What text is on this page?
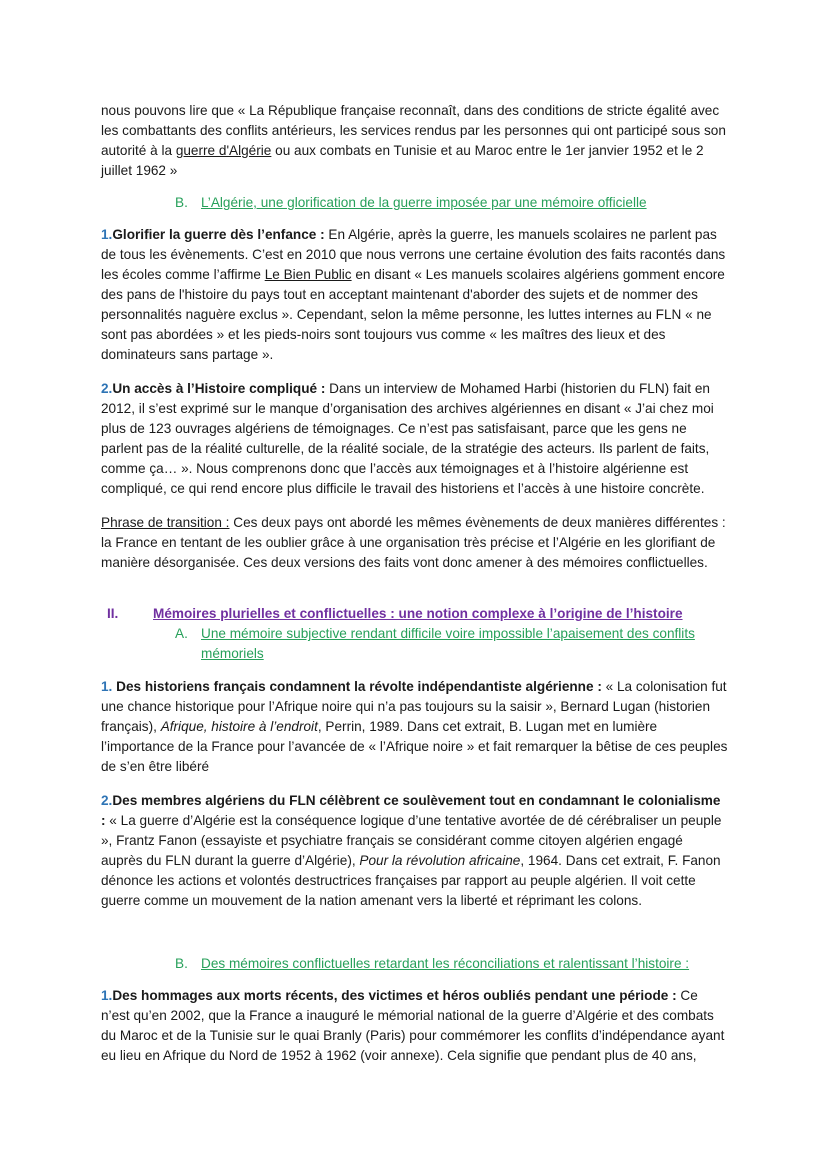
nous pouvons lire que « La République française reconnaît, dans des conditions de stricte égalité avec les combattants des conflits antérieurs, les services rendus par les personnes qui ont participé sous son autorité à la guerre d'Algérie ou aux combats en Tunisie et au Maroc entre le 1er janvier 1952 et le 2 juillet 1962 »
B. L’Algérie, une glorification de la guerre imposée par une mémoire officielle
1.Glorifier la guerre dès l’enfance : En Algérie, après la guerre, les manuels scolaires ne parlent pas de tous les évènements. C’est en 2010 que nous verrons une certaine évolution des faits racontés dans les écoles comme l’affirme Le Bien Public en disant « Les manuels scolaires algériens gomment encore des pans de l'histoire du pays tout en acceptant maintenant d'aborder des sujets et de nommer des personnalités naguère exclus ». Cependant, selon la même personne, les luttes internes au FLN « ne sont pas abordées » et les pieds-noirs sont toujours vus comme « les maîtres des lieux et des dominateurs sans partage ».
2.Un accès à l’Histoire compliqué : Dans un interview de Mohamed Harbi (historien du FLN) fait en 2012, il s’est exprimé sur le manque d’organisation des archives algériennes en disant « J’ai chez moi plus de 123 ouvrages algériens de témoignages. Ce n’est pas satisfaisant, parce que les gens ne parlent pas de la réalité culturelle, de la réalité sociale, de la stratégie des acteurs. Ils parlent de faits, comme ça… ». Nous comprenons donc que l’accès aux témoignages et à l’histoire algérienne est compliqué, ce qui rend encore plus difficile le travail des historiens et l’accès à une histoire concrète.
Phrase de transition : Ces deux pays ont abordé les mêmes évènements de deux manières différentes : la France en tentant de les oublier grâce à une organisation très précise et l’Algérie en les glorifiant de manière désorganisée. Ces deux versions des faits vont donc amener à des mémoires conflictuelles.
II.	Mémoires plurielles et conflictuelles : une notion complexe à l’origine de l’histoire
A. Une mémoire subjective rendant difficile voire impossible l’apaisement des conflits mémoriels
1. Des historiens français condamnent la révolte indépendantiste algérienne : « La colonisation fut une chance historique pour l’Afrique noire qui n’a pas toujours su la saisir », Bernard Lugan (historien français), Afrique, histoire à l’endroit, Perrin, 1989. Dans cet extrait, B. Lugan met en lumière l’importance de la France pour l’avancée de « l’Afrique noire » et fait remarquer la bêtise de ces peuples de s’en être libéré
2.Des membres algériens du FLN célèbrent ce soulèvement tout en condamnant le colonialisme : « La guerre d’Algérie est la conséquence logique d’une tentative avortée de dé cérébraliser un peuple », Frantz Fanon (essayiste et psychiatre français se considérant comme citoyen algérien engagé auprès du FLN durant la guerre d’Algérie), Pour la révolution africaine, 1964. Dans cet extrait, F. Fanon dénonce les actions et volontés destructrices françaises par rapport au peuple algérien. Il voit cette guerre comme un mouvement de la nation amenant vers la liberté et réprimant les colons.
B. Des mémoires conflictuelles retardant les réconciliations et ralentissant l’histoire :
1.Des hommages aux morts récents, des victimes et héros oubliés pendant une période : Ce n’est qu’en 2002, que la France a inauguré le mémorial national de la guerre d’Algérie et des combats du Maroc et de la Tunisie sur le quai Branly (Paris) pour commémorer les conflits d’indépendance ayant eu lieu en Afrique du Nord de 1952 à 1962 (voir annexe). Cela signifie que pendant plus de 40 ans,
